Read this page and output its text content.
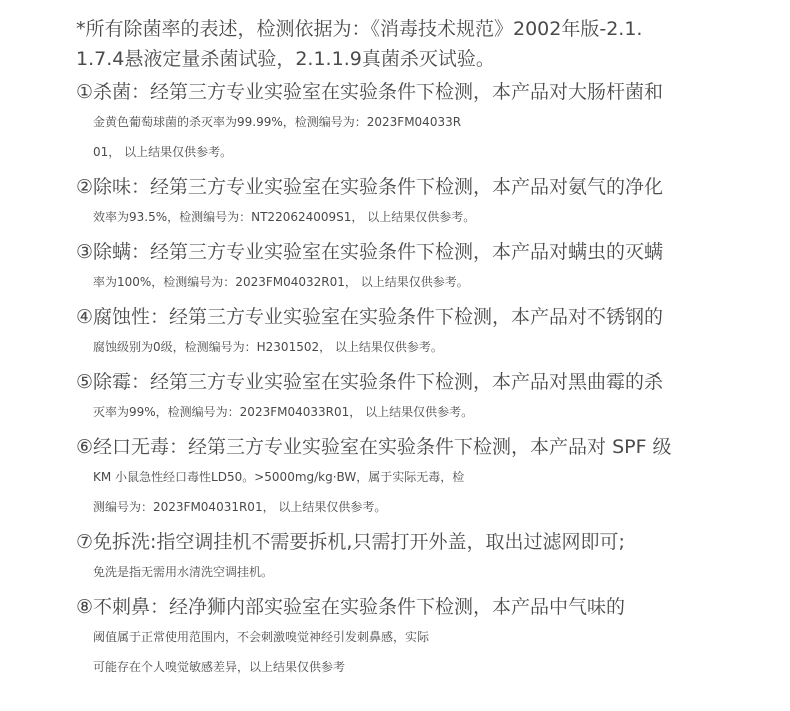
*所有除菌率的表述，检测依据为：《消毒技术规范》2002年版-2.1.
1.7.4悬液定量杀菌试验，2.1.1.9真菌杀灭试验。
①杀菌：经第三方专业实验室在实验条件下检测，本产品对大肠杆菌和
金黄色葡萄球菌的杀灭率为99.99%，检测编号为：2023FM04033R
01， 以上结果仅供参考。
②除味：经第三方专业实验室在实验条件下检测，本产品对氨气的净化
效率为93.5%，检测编号为：NT220624009S1， 以上结果仅供参考。
③除螨：经第三方专业实验室在实验条件下检测，本产品对螨虫的灭螨
率为100%，检测编号为：2023FM04032R01， 以上结果仅供参考。
④腐蚀性：经第三方专业实验室在实验条件下检测，本产品对不锈钢的
腐蚀级别为0级，检测编号为：H2301502， 以上结果仅供参考。
⑤除霉：经第三方专业实验室在实验条件下检测，本产品对黑曲霉的杀
灭率为99%，检测编号为：2023FM04033R01， 以上结果仅供参考。
⑥经口无毒：经第三方专业实验室在实验条件下检测，本产品对 SPF 级
KM 小鼠急性经口毒性LD50。>5000mg/kg·BW，属于实际无毒，检
测编号为：2023FM04031R01， 以上结果仅供参考。
⑦免拆洗:指空调挂机不需要拆机,只需打开外盖，取出过滤网即可;
免洗是指无需用水清洗空调挂机。
⑧不刺鼻：经净狮内部实验室在实验条件下检测，本产品中气味的
阈值属于正常使用范围内，不会刺激嗅觉神经引发刺鼻感，实际
可能存在个人嗅觉敏感差异，以上结果仅供参考
